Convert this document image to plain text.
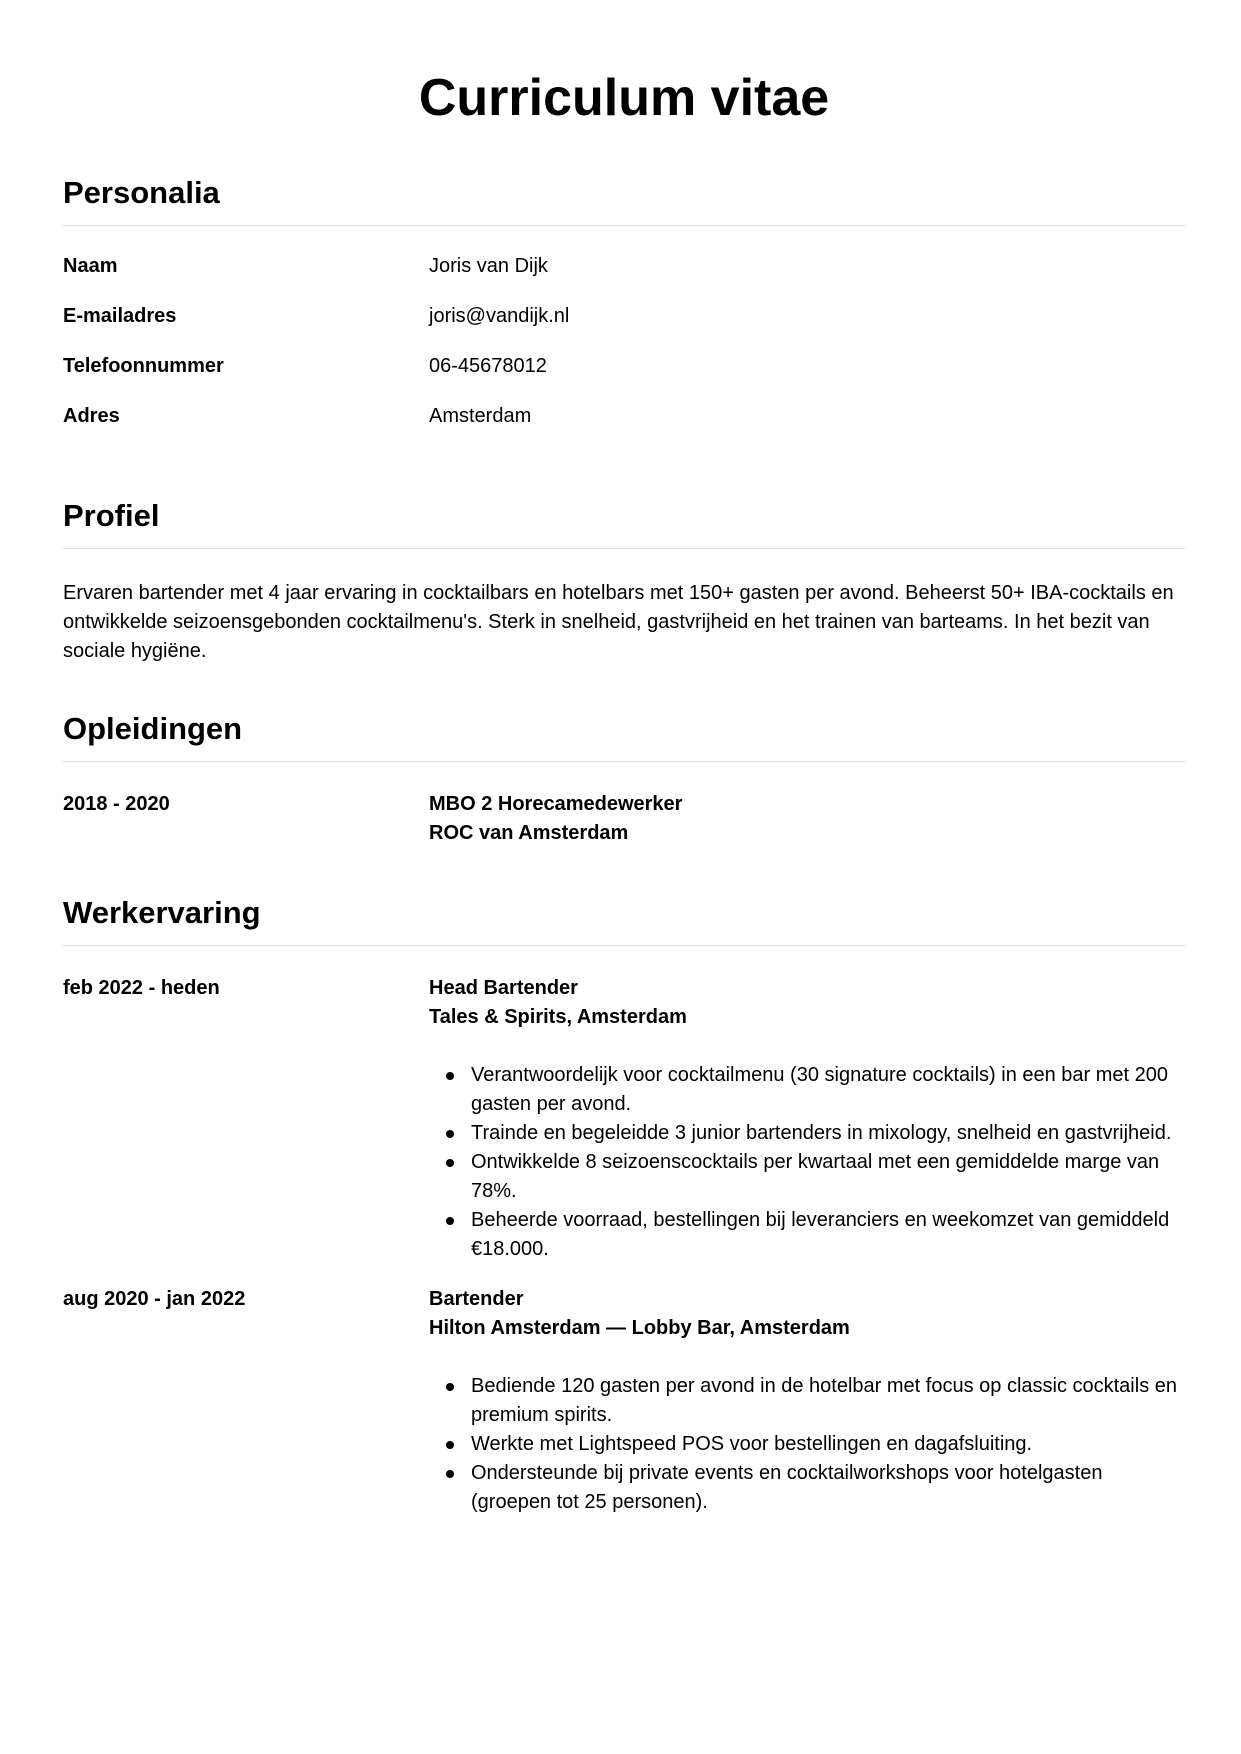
Curriculum vitae
Personalia
Naam	Joris van Dijk
E-mailadres	joris@vandijk.nl
Telefoonnummer	06-45678012
Adres	Amsterdam
Profiel

Ervaren bartender met 4 jaar ervaring in cocktailbars en hotelbars met 150+ gasten per avond. Beheerst 50+ IBA-cocktails en ontwikkelde seizoensgebonden cocktailmenu's. Sterk in snelheid, gastvrijheid en het trainen van barteams. In het bezit van sociale hygiëne.

Opleidingen
2018 - 2020	MBO 2 Horecamedewerker
ROC van Amsterdam
Werkervaring
feb 2022 - heden	Head Bartender
Tales & Spirits, Amsterdam
Verantwoordelijk voor cocktailmenu (30 signature cocktails) in een bar met 200 gasten per avond.
Trainde en begeleidde 3 junior bartenders in mixology, snelheid en gastvrijheid.
Ontwikkelde 8 seizoenscocktails per kwartaal met een gemiddelde marge van 78%.
Beheerde voorraad, bestellingen bij leveranciers en weekomzet van gemiddeld €18.000.
aug 2020 - jan 2022	Bartender
Hilton Amsterdam — Lobby Bar, Amsterdam
Bediende 120 gasten per avond in de hotelbar met focus op classic cocktails en premium spirits.
Werkte met Lightspeed POS voor bestellingen en dagafsluiting.
Ondersteunde bij private events en cocktailworkshops voor hotelgasten (groepen tot 25 personen).
